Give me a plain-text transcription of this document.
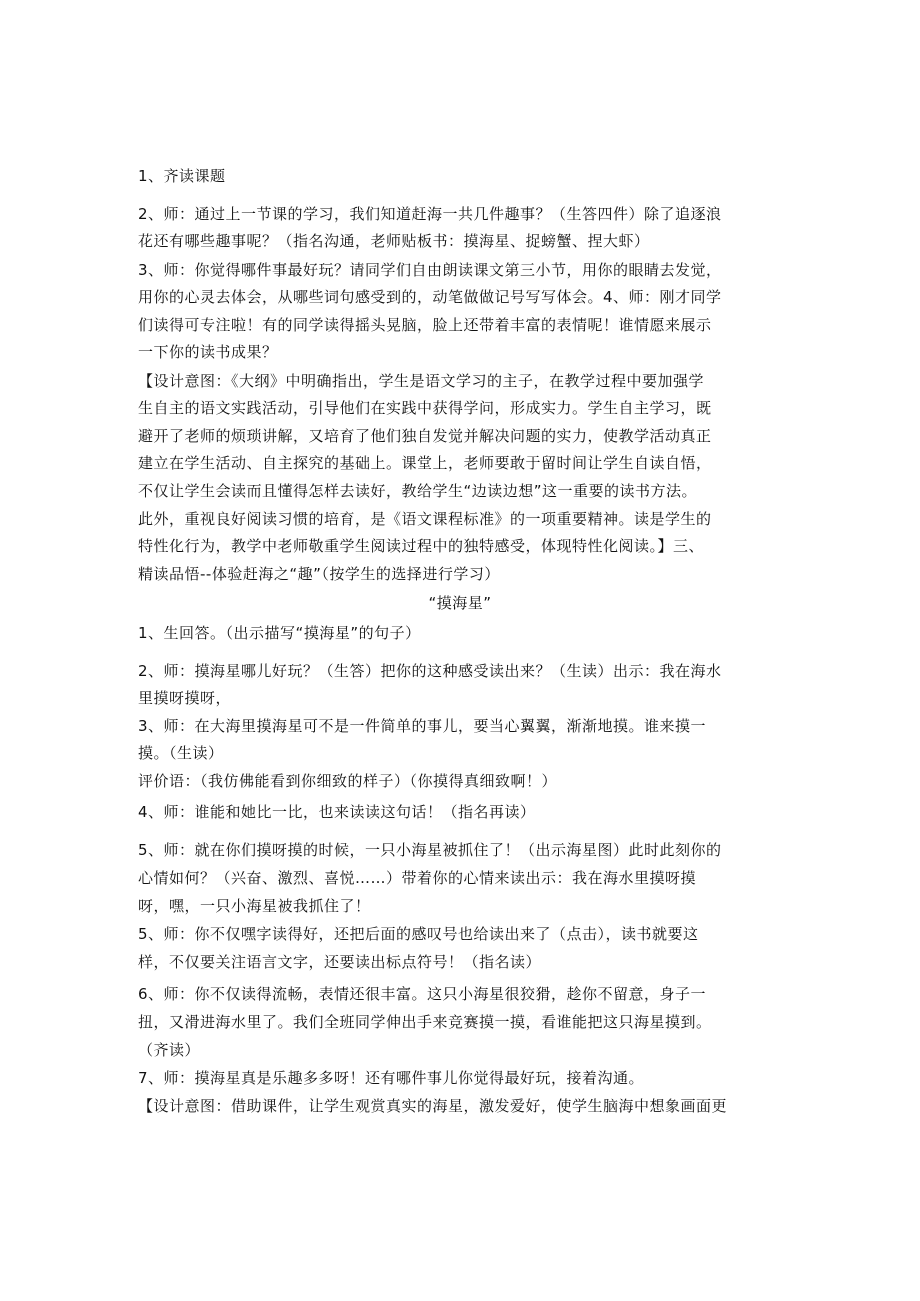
1、齐读课题
2、师：通过上一节课的学习，我们知道赶海一共几件趣事？（生答四件）除了追逐浪
花还有哪些趣事呢？（指名沟通，老师贴板书：摸海星、捉螃蟹、捏大虾）
3、师：你觉得哪件事最好玩？请同学们自由朗读课文第三小节，用你的眼睛去发觉，
用你的心灵去体会，从哪些词句感受到的，动笔做做记号写写体会。4、师：刚才同学
们读得可专注啦！有的同学读得摇头晃脑，脸上还带着丰富的表情呢！谁情愿来展示
一下你的读书成果？
【设计意图：《大纲》中明确指出，学生是语文学习的主子，在教学过程中要加强学
生自主的语文实践活动，引导他们在实践中获得学问，形成实力。学生自主学习，既
避开了老师的烦琐讲解，又培育了他们独自发觉并解决问题的实力，使教学活动真正
建立在学生活动、自主探究的基础上。课堂上，老师要敢于留时间让学生自读自悟，
不仅让学生会读而且懂得怎样去读好，教给学生“边读边想”这一重要的读书方法。
此外，重视良好阅读习惯的培育，是《语文课程标准》的一项重要精神。读是学生的
特性化行为，教学中老师敬重学生阅读过程中的独特感受，体现特性化阅读。】三、
精读品悟--体验赶海之“趣”（按学生的选择进行学习）
“摸海星”
1、生回答。（出示描写“摸海星”的句子）
2、师：摸海星哪儿好玩？（生答）把你的这种感受读出来？（生读）出示：我在海水
里摸呀摸呀，
3、师：在大海里摸海星可不是一件简单的事儿，要当心翼翼，渐渐地摸。谁来摸一
摸。（生读）
评价语：（我仿佛能看到你细致的样子）（你摸得真细致啊！）
4、师：谁能和她比一比，也来读读这句话！（指名再读）
5、师：就在你们摸呀摸的时候，一只小海星被抓住了！（出示海星图）此时此刻你的
心情如何？（兴奋、激烈、喜悦……）带着你的心情来读出示：我在海水里摸呀摸
呀，嘿，一只小海星被我抓住了！
5、师：你不仅嘿字读得好，还把后面的感叹号也给读出来了（点击），读书就要这
样，不仅要关注语言文字，还要读出标点符号！（指名读）
6、师：你不仅读得流畅，表情还很丰富。这只小海星很狡猾，趁你不留意，身子一
扭，又滑进海水里了。我们全班同学伸出手来竞赛摸一摸，看谁能把这只海星摸到。
（齐读）
7、师：摸海星真是乐趣多多呀！还有哪件事儿你觉得最好玩，接着沟通。
【设计意图：借助课件，让学生观赏真实的海星，激发爱好，使学生脑海中想象画面更
